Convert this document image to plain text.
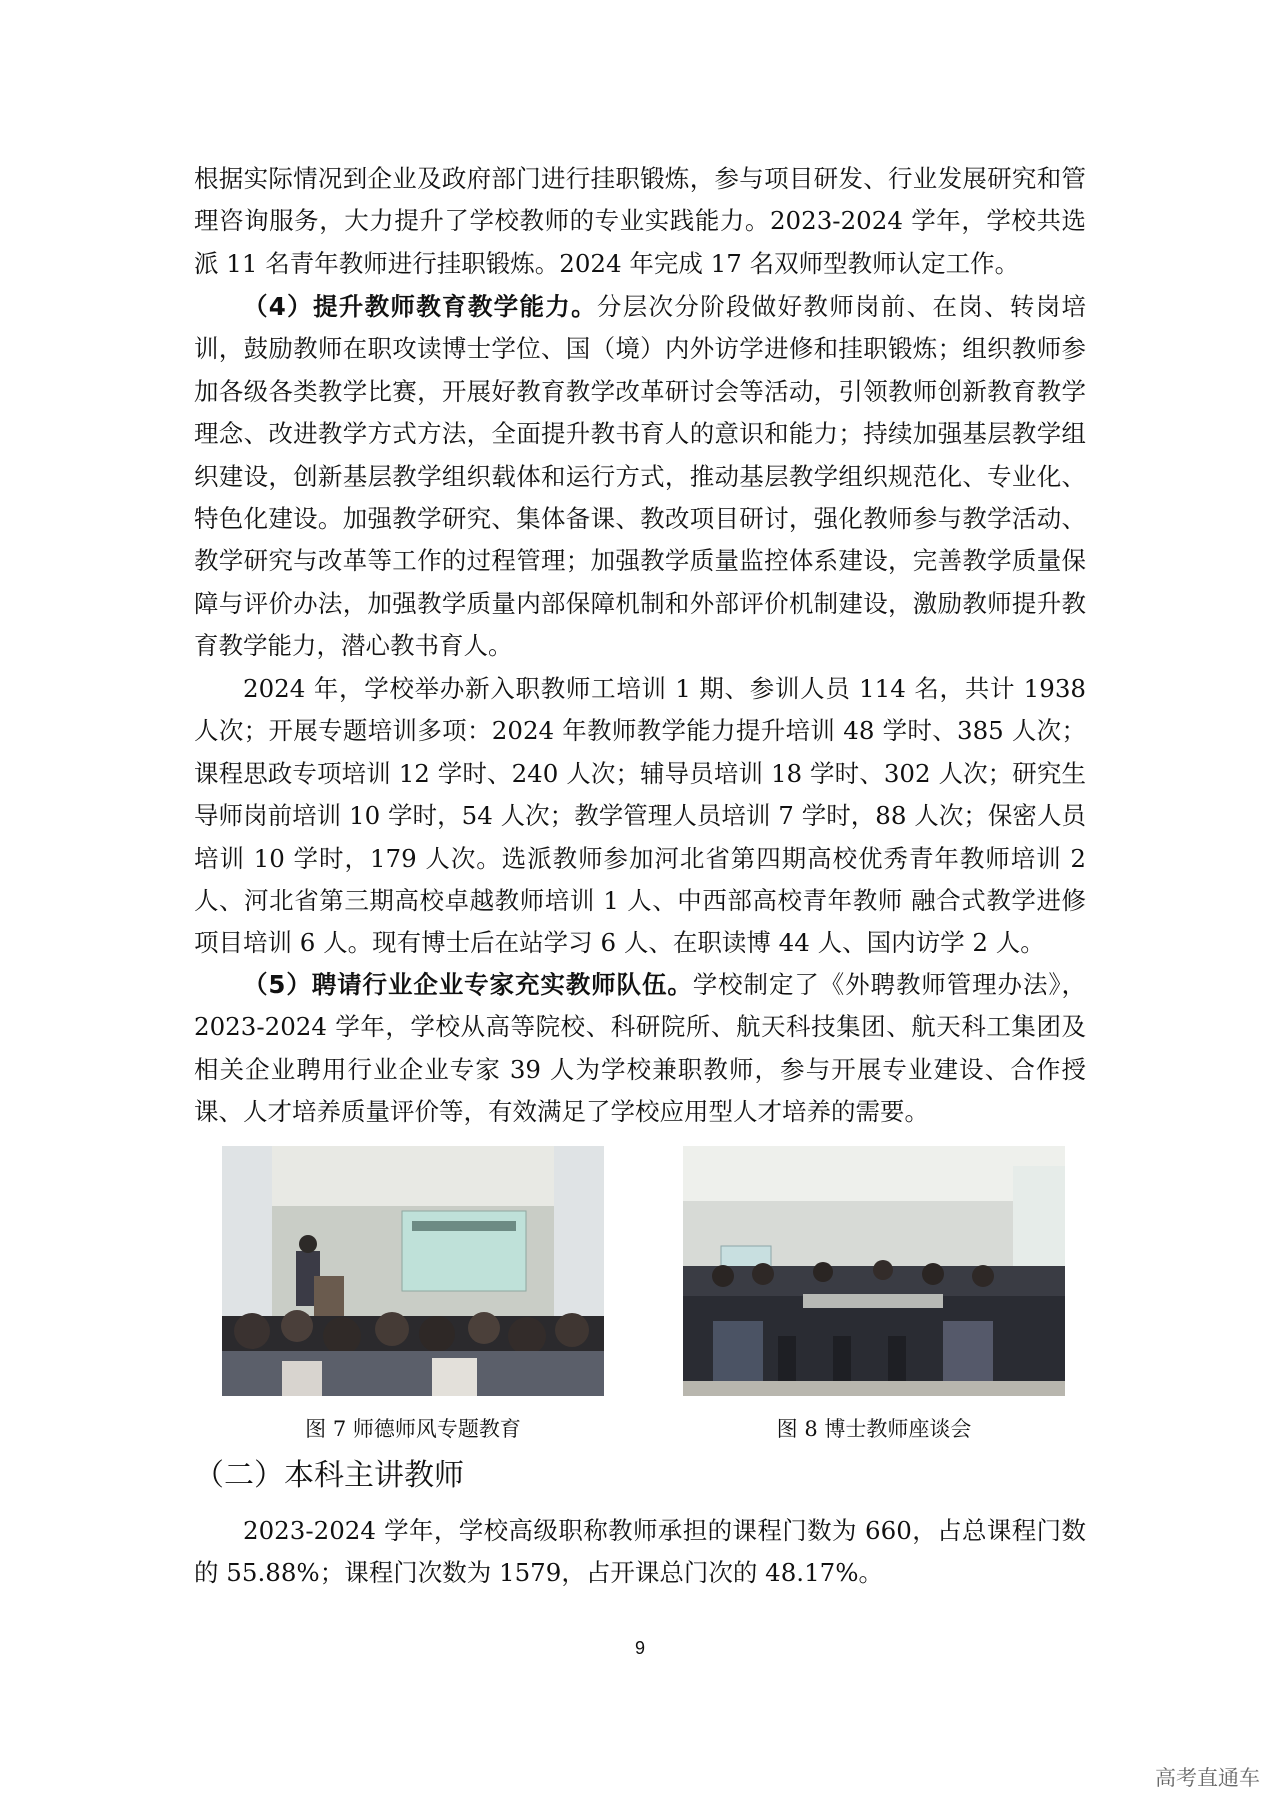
根据实际情况到企业及政府部门进行挂职锻炼，参与项目研发、行业发展研究和管理咨询服务，大力提升了学校教师的专业实践能力。2023-2024 学年，学校共选派 11 名青年教师进行挂职锻炼。2024 年完成 17 名双师型教师认定工作。

（4）提升教师教育教学能力。分层次分阶段做好教师岗前、在岗、转岗培训，鼓励教师在职攻读博士学位、国（境）内外访学进修和挂职锻炼；组织教师参加各级各类教学比赛，开展好教育教学改革研讨会等活动，引领教师创新教育教学理念、改进教学方式方法，全面提升教书育人的意识和能力；持续加强基层教学组织建设，创新基层教学组织载体和运行方式，推动基层教学组织规范化、专业化、特色化建设。加强教学研究、集体备课、教改项目研讨，强化教师参与教学活动、教学研究与改革等工作的过程管理；加强教学质量监控体系建设，完善教学质量保障与评价办法，加强教学质量内部保障机制和外部评价机制建设，激励教师提升教育教学能力，潜心教书育人。

2024 年，学校举办新入职教师工培训 1 期、参训人员 114 名，共计 1938 人次；开展专题培训多项：2024 年教师教学能力提升培训 48 学时、385 人次；课程思政专项培训 12 学时、240 人次；辅导员培训 18 学时、302 人次；研究生导师岗前培训 10 学时，54 人次；教学管理人员培训 7 学时，88 人次；保密人员培训 10 学时，179 人次。选派教师参加河北省第四期高校优秀青年教师培训 2 人、河北省第三期高校卓越教师培训 1 人、中西部高校青年教师 融合式教学进修项目培训 6 人。现有博士后在站学习 6 人、在职读博 44 人、国内访学 2 人。

（5）聘请行业企业专家充实教师队伍。学校制定了《外聘教师管理办法》，2023-2024 学年，学校从高等院校、科研院所、航天科技集团、航天科工集团及相关企业聘用行业企业专家 39 人为学校兼职教师，参与开展专业建设、合作授课、人才培养质量评价等，有效满足了学校应用型人才培养的需要。

图 7 师德师风专题教育	图 8 博士教师座谈会
（二）本科主讲教师

2023-2024 学年，学校高级职称教师承担的课程门数为 660，占总课程门数的 55.88%；课程门次数为 1579，占开课总门次的 48.17%。

9
高考直通车
